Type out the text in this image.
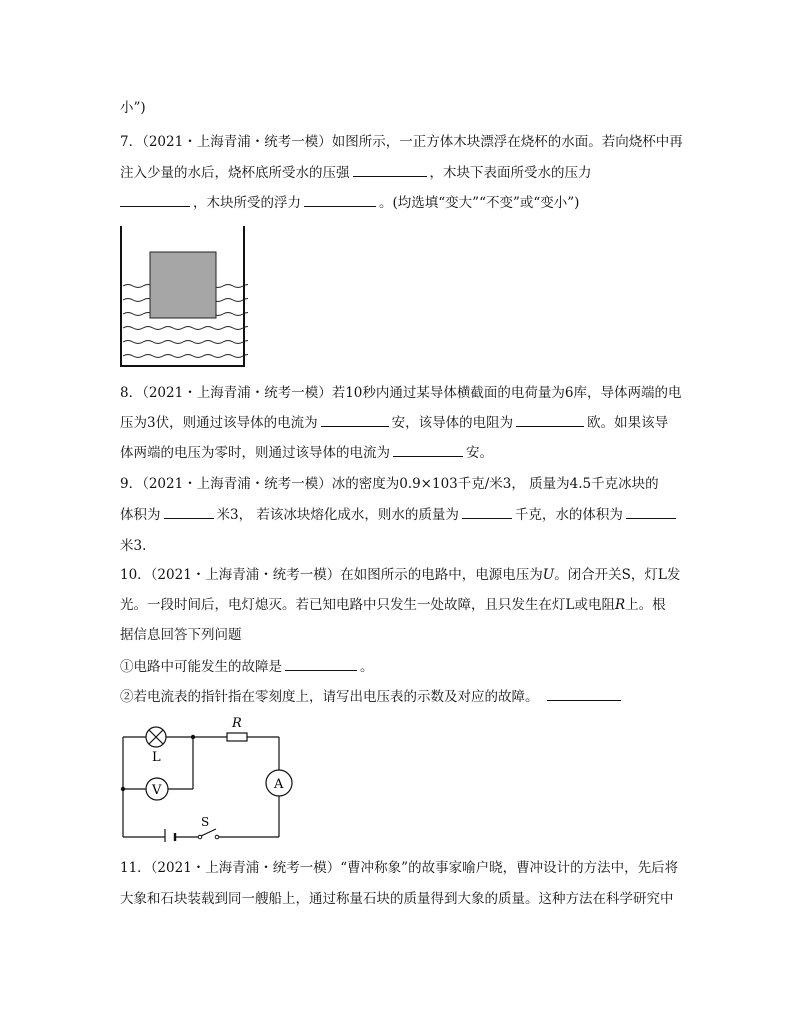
小”)
7．（2021・上海青浦・统考一模）如图所示，一正方体木块漂浮在烧杯的水面。若向烧杯中再
注入少量的水后，烧杯底所受水的压强	，木块下表面所受水的压力
，木块所受的浮力	。(均选填“变大”“不变”或“变小”)
8．（2021・上海青浦・统考一模）若10秒内通过某导体横截面的电荷量为6库，导体两端的电
压为3伏，则通过该导体的电流为	安，该导体的电阻为	欧。如果该导
体两端的电压为零时，则通过该导体的电流为	安。
9．（2021・上海青浦・统考一模）冰的密度为0.9×103千克/米3， 质量为4.5千克冰块的
体积为	米3， 若该冰块熔化成水，则水的质量为	千克，水的体积为
米3.
10．（2021・上海青浦・统考一模）在如图所示的电路中，电源电压为U。闭合开关S，灯L发
光。一段时间后，电灯熄灭。若已知电路中只发生一处故障，且只发生在灯L或电阻R上。根
据信息回答下列问题
①电路中可能发生的故障是	。
②若电流表的指针指在零刻度上，请写出电压表的示数及对应的故障。
L
R
V	A
S
11．（2021・上海青浦・统考一模）“曹冲称象”的故事家喻户晓，曹冲设计的方法中，先后将
大象和石块装载到同一艘船上，通过称量石块的质量得到大象的质量。这种方法在科学研究中
